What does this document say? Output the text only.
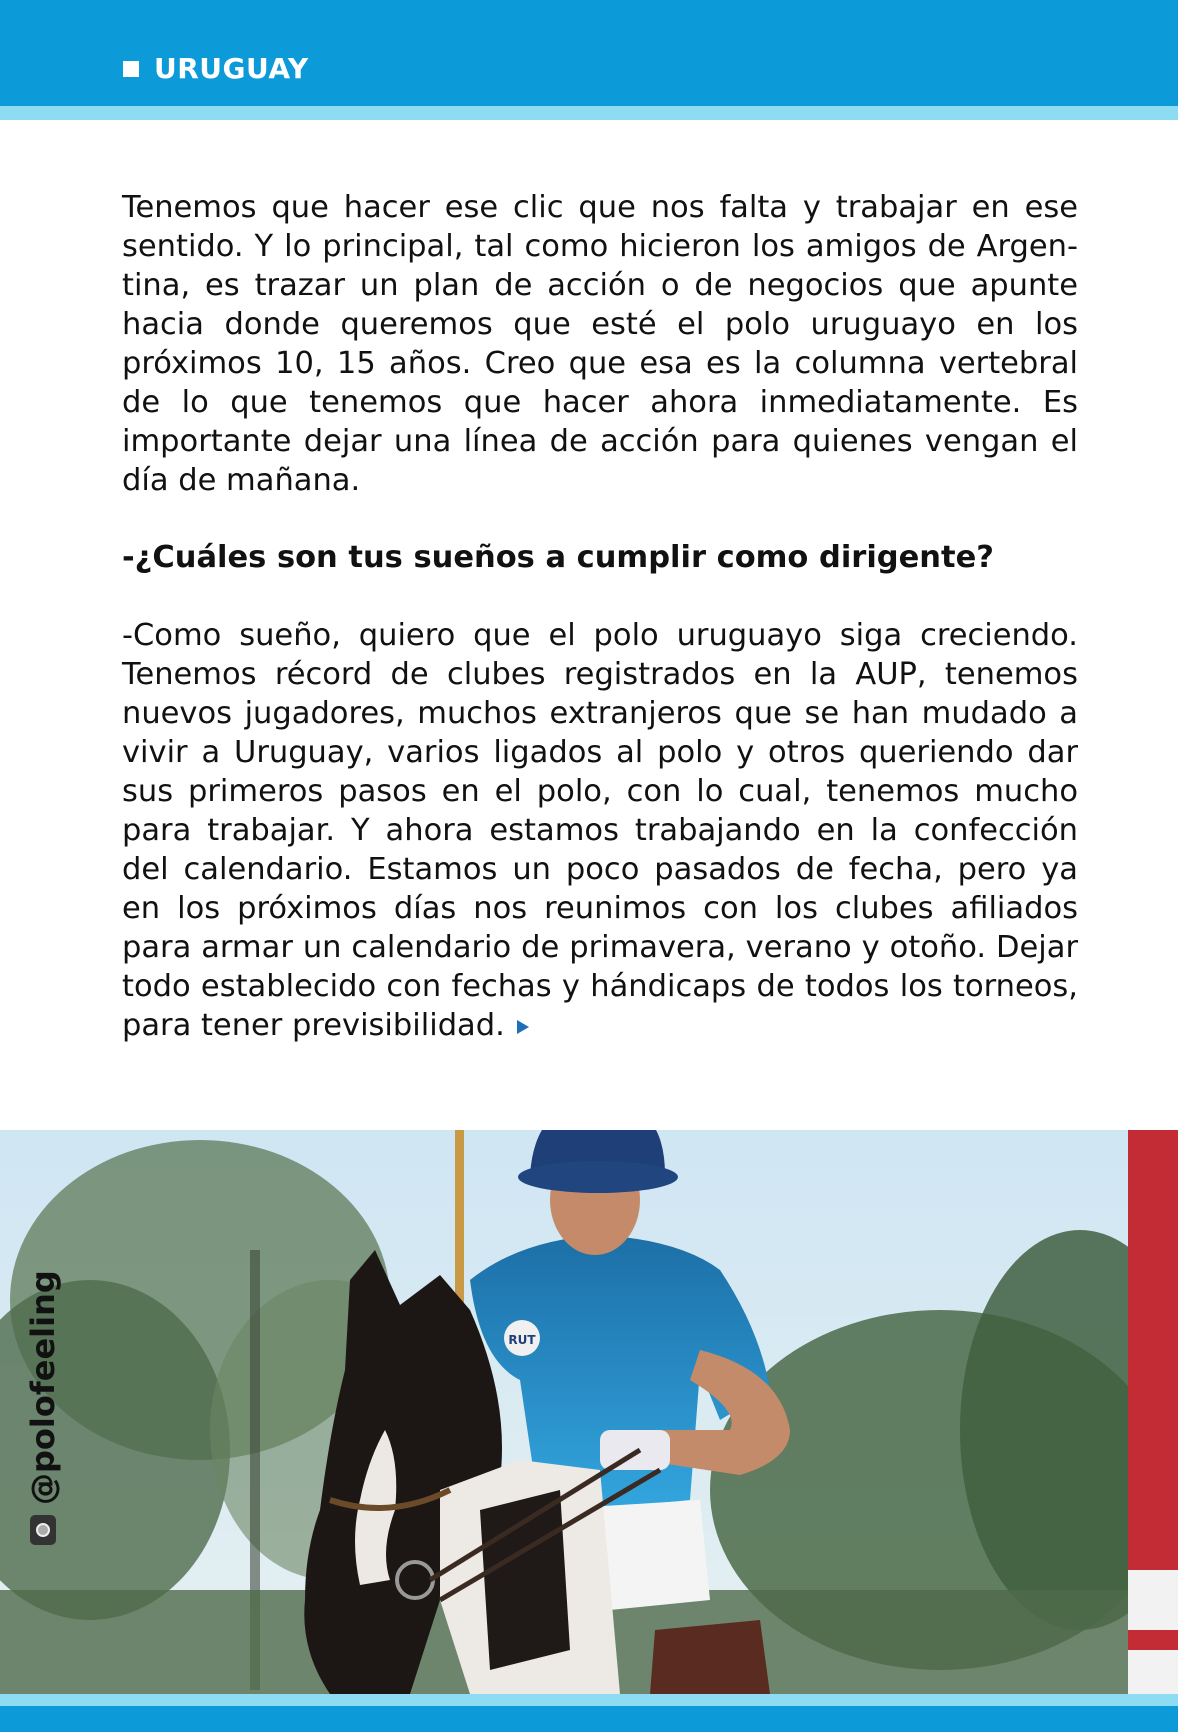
URUGUAY

Tenemos que hacer ese clic que nos falta y trabajar en ese sentido. Y lo principal, tal como hicieron los amigos de Argentina, es trazar un plan de acción o de negocios que apunte hacia donde queremos que esté el polo uruguayo en los próximos 10, 15 años. Creo que esa es la columna vertebral de lo que tenemos que hacer ahora inmediatamente. Es importante dejar una línea de acción para quienes vengan el día de mañana.

-¿Cuáles son tus sueños a cumplir como dirigente?

-Como sueño, quiero que el polo uruguayo siga creciendo. Tenemos récord de clubes registrados en la AUP, tenemos nuevos jugadores, muchos extranjeros que se han mudado a vivir a Uruguay, varios ligados al polo y otros queriendo dar sus primeros pasos en el polo, con lo cual, tenemos mucho para trabajar. Y ahora estamos trabajando en la confección del calendario. Estamos un poco pasados de fecha, pero ya en los próximos días nos reunimos con los clubes afiliados para armar un calendario de primavera, verano y otoño. Dejar todo establecido con fechas y hándicaps de todos los torneos, para tener previsibilidad.

RUT
@polofeeling
